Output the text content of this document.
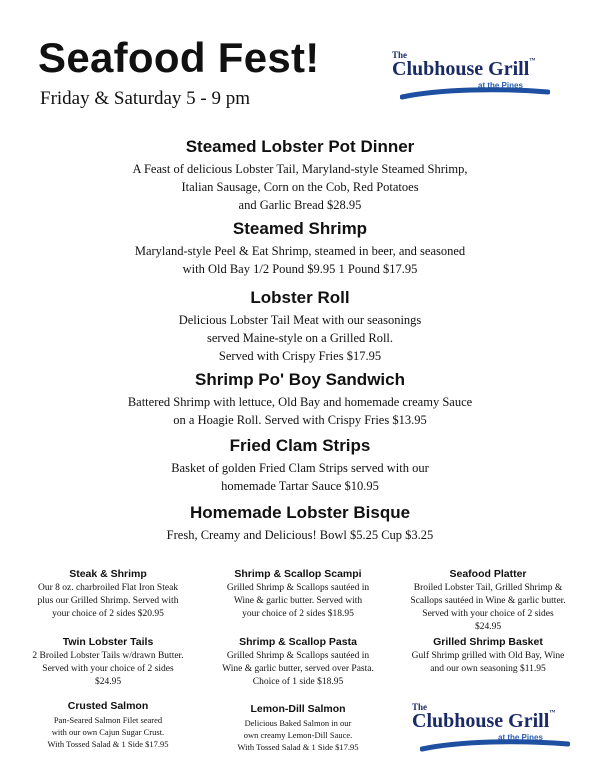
Seafood Fest!
Friday & Saturday 5 - 9 pm
The
Clubhouse Grill™
at the Pines
Steamed Lobster Pot Dinner
A Feast of delicious Lobster Tail, Maryland-style Steamed Shrimp,
Italian Sausage, Corn on the Cob, Red Potatoes
and Garlic Bread $28.95
Steamed Shrimp
Maryland-style Peel & Eat Shrimp, steamed in beer, and seasoned
with Old Bay 1/2 Pound $9.95 1 Pound $17.95
Lobster Roll
Delicious Lobster Tail Meat with our seasonings
served Maine-style on a Grilled Roll.
Served with Crispy Fries $17.95
Shrimp Po' Boy Sandwich
Battered Shrimp with lettuce, Old Bay and homemade creamy Sauce
on a Hoagie Roll. Served with Crispy Fries $13.95
Fried Clam Strips
Basket of golden Fried Clam Strips served with our
homemade Tartar Sauce $10.95
Homemade Lobster Bisque
Fresh, Creamy and Delicious! Bowl $5.25 Cup $3.25
Steak & Shrimp
Our 8 oz. charbroiled Flat Iron Steak
plus our Grilled Shrimp. Served with
your choice of 2 sides $20.95
Shrimp & Scallop Scampi
Grilled Shrimp & Scallops sautéed in
Wine & garlic butter. Served with
your choice of 2 sides $18.95
Seafood Platter
Broiled Lobster Tail, Grilled Shrimp &
Scallops sautéed in Wine & garlic butter.
Served with your choice of 2 sides
$24.95
Twin Lobster Tails
2 Broiled Lobster Tails w/drawn Butter.
Served with your choice of 2 sides
$24.95
Shrimp & Scallop Pasta
Grilled Shrimp & Scallops sautéed in
Wine & garlic butter, served over Pasta.
Choice of 1 side $18.95
Grilled Shrimp Basket
Gulf Shrimp grilled with Old Bay, Wine
and our own seasoning $11.95
Crusted Salmon
Pan-Seared Salmon Filet seared
with our own Cajun Sugar Crust.
With Tossed Salad & 1 Side $17.95
Lemon-Dill Salmon
Delicious Baked Salmon in our
own creamy Lemon-Dill Sauce.
With Tossed Salad & 1 Side $17.95
The
Clubhouse Grill™
at the Pines
